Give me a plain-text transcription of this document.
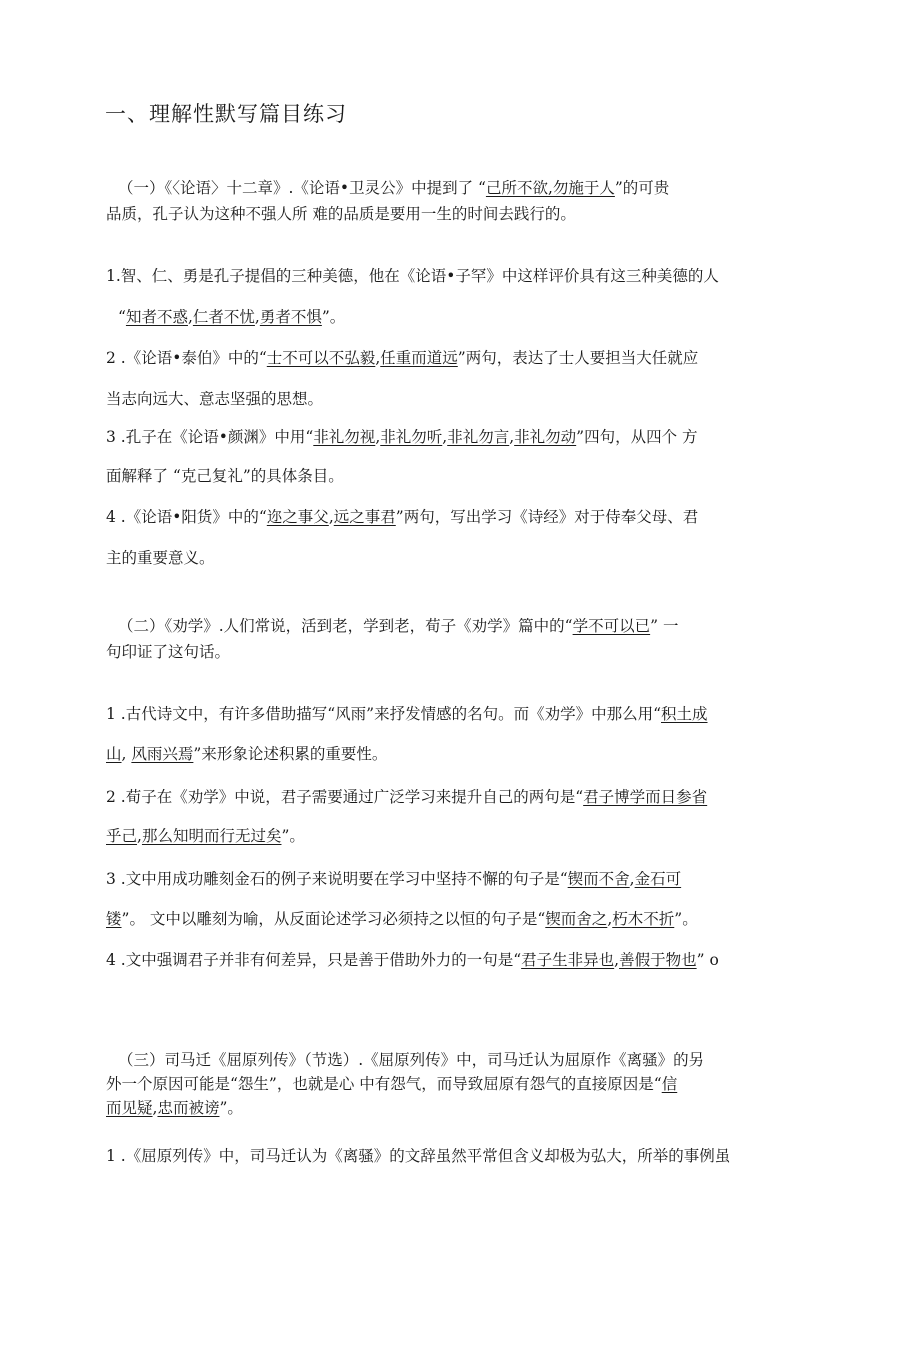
一、理解性默写篇目练习
（一）《〈论语〉十二章》.《论语•卫灵公》中提到了 “己所不欲,勿施于人”的可贵
品质，孔子认为这种不强人所 难的品质是要用一生的时间去践行的。
1.智、仁、勇是孔子提倡的三种美德，他在《论语•子罕》中这样评价具有这三种美德的人
“知者不惑,仁者不忧,勇者不惧”。
2 .《论语•泰伯》中的“士不可以不弘毅,任重而道远”两句，表达了士人要担当大任就应
当志向远大、意志坚强的思想。
3 .孔子在《论语•颜渊》中用“非礼勿视,非礼勿听,非礼勿言,非礼勿动”四句，从四个 方
面解释了 “克己复礼”的具体条目。
4 .《论语•阳货》中的“迩之事父,远之事君”两句，写出学习《诗经》对于侍奉父母、君
主的重要意义。
（二）《劝学》.人们常说，活到老，学到老，荀子《劝学》篇中的“学不可以已” 一
句印证了这句话。
1 .古代诗文中，有许多借助描写“风雨”来抒发情感的名句。而《劝学》中那么用“积土成
山, 风雨兴焉”来形象论述积累的重要性。
2 .荀子在《劝学》中说，君子需要通过广泛学习来提升自己的两句是“君子博学而日参省
乎己,那么知明而行无过矣”。
3 .文中用成功雕刻金石的例子来说明要在学习中坚持不懈的句子是“锲而不舍,金石可
镂”。 文中以雕刻为喻，从反面论述学习必须持之以恒的句子是“锲而舍之,朽木不折”。
4 .文中强调君子并非有何差异，只是善于借助外力的一句是“君子生非异也,善假于物也” o
（三）司马迁《屈原列传》（节选）.《屈原列传》中，司马迁认为屈原作《离骚》的另
外一个原因可能是“怨生”，也就是心 中有怨气，而导致屈原有怨气的直接原因是“信
而见疑,忠而被谤”。
1 .《屈原列传》中，司马迁认为《离骚》的文辞虽然平常但含义却极为弘大，所举的事例虽
